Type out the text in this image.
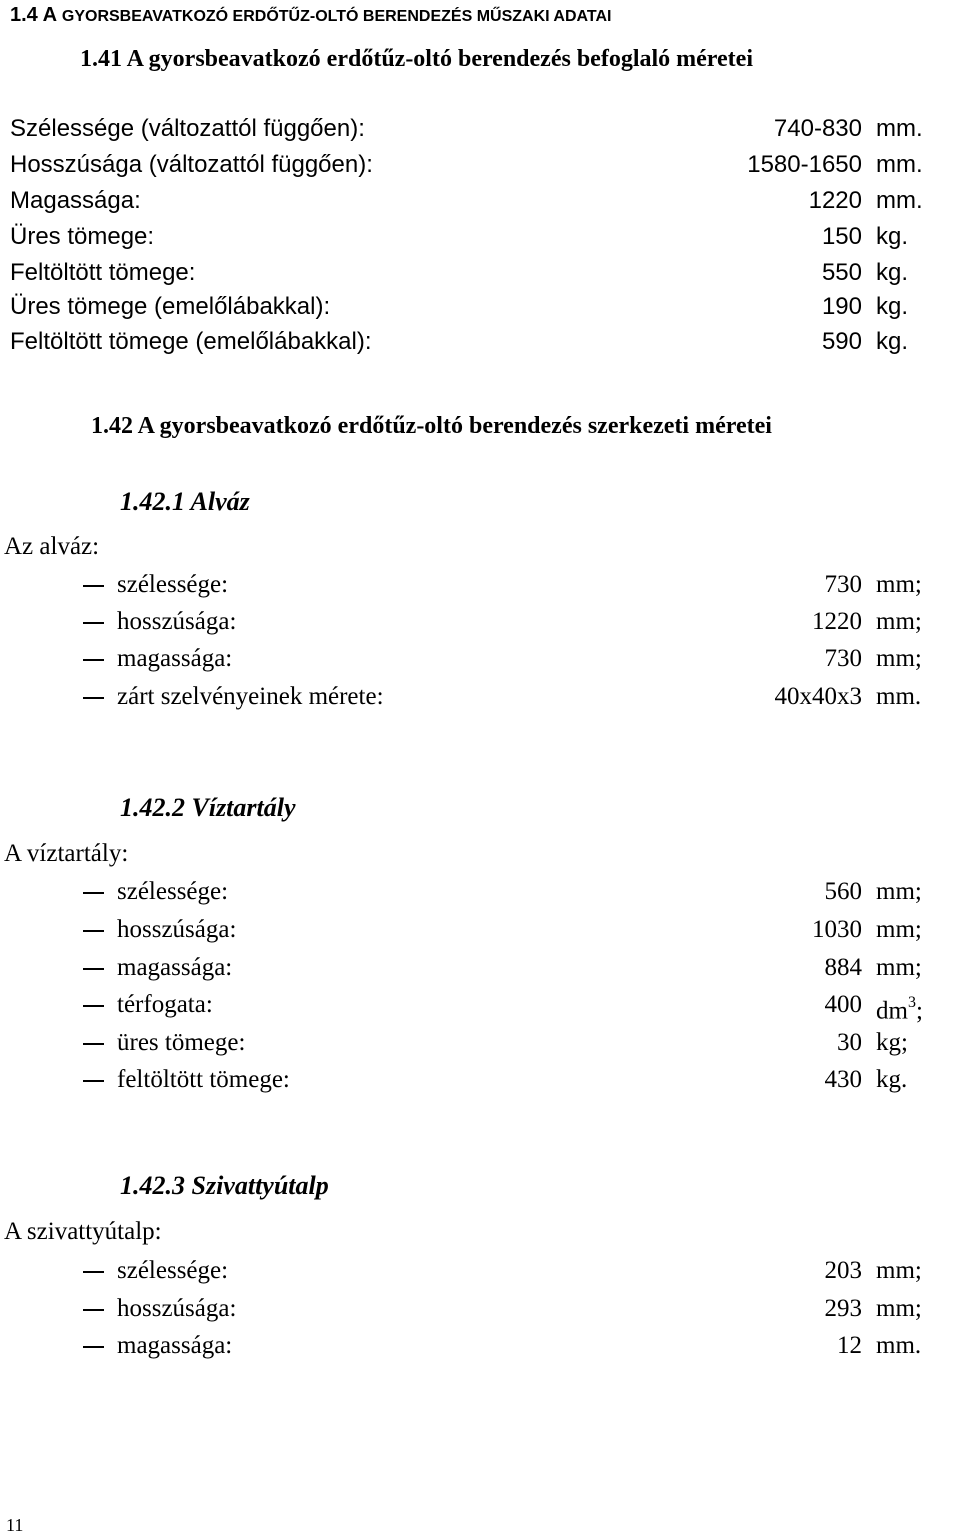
1.4 A GYORSBEAVATKOZÓ ERDŐTŰZ-OLTÓ BERENDEZÉS MŰSZAKI ADATAI
1.41 A gyorsbeavatkozó erdőtűz-oltó berendezés befoglaló méretei
Szélessége (változattól függően):	740-830 mm.
Hosszúsága (változattól függően):	1580-1650 mm.
Magassága:	1220 mm.
Üres tömege:	150 kg.
Feltöltött tömege:	550 kg.
Üres tömege (emelőlábakkal):	190 kg.
Feltöltött tömege (emelőlábakkal):	590 kg.
1.42 A gyorsbeavatkozó erdőtűz-oltó berendezés szerkezeti méretei
1.42.1 Alváz
Az alváz:
szélessége:	730 mm;
hosszúsága:	1220 mm;
magassága:	730 mm;
zárt szelvényeinek mérete:	40x40x3 mm.
1.42.2 Víztartály
A víztartály:
szélessége:	560 mm;
hosszúsága:	1030 mm;
magassága:	884 mm;
térfogata:	400 $dm^3$;
üres tömege:	30 kg;
feltöltött tömege:	430 kg.
1.42.3 Szivattyútalp
A szivattyútalp:
szélessége:	203 mm;
hosszúsága:	293 mm;
magassága:	12 mm.
11
